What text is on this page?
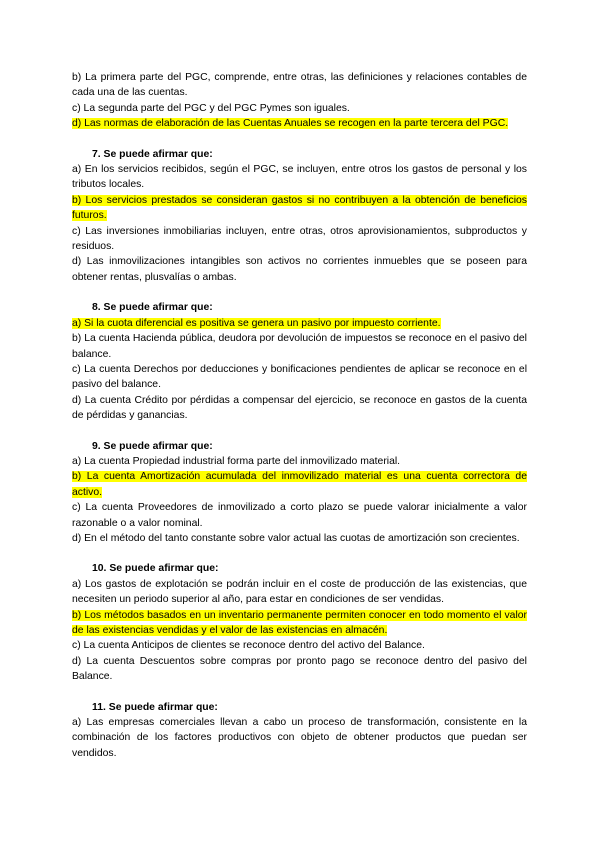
b) La primera parte del PGC, comprende, entre otras, las definiciones y relaciones contables de cada una de las cuentas.

c) La segunda parte del PGC y del PGC Pymes son iguales.

d) Las normas de elaboración de las Cuentas Anuales se recogen en la parte tercera del PGC.

7. Se puede afirmar que:

a) En los servicios recibidos, según el PGC, se incluyen, entre otros los gastos de personal y los tributos locales.

b) Los servicios prestados se consideran gastos si no contribuyen a la obtención de beneficios futuros.

c) Las inversiones inmobiliarias incluyen, entre otras, otros aprovisionamientos, subproductos y residuos.

d) Las inmovilizaciones intangibles son activos no corrientes inmuebles que se poseen para obtener rentas, plusvalías o ambas.

8. Se puede afirmar que:

a) Si la cuota diferencial es positiva se genera un pasivo por impuesto corriente.

b) La cuenta Hacienda pública, deudora por devolución de impuestos se reconoce en el pasivo del balance.

c) La cuenta Derechos por deducciones y bonificaciones pendientes de aplicar se reconoce en el pasivo del balance.

d) La cuenta Crédito por pérdidas a compensar del ejercicio, se reconoce en gastos de la cuenta de pérdidas y ganancias.

9. Se puede afirmar que:

a) La cuenta Propiedad industrial forma parte del inmovilizado material.

b) La cuenta Amortización acumulada del inmovilizado material es una cuenta correctora de activo.

c) La cuenta Proveedores de inmovilizado a corto plazo se puede valorar inicialmente a valor razonable o a valor nominal.

d) En el método del tanto constante sobre valor actual las cuotas de amortización son crecientes.

10. Se puede afirmar que:

a) Los gastos de explotación se podrán incluir en el coste de producción de las existencias, que necesiten un periodo superior al año, para estar en condiciones de ser vendidas.

b) Los métodos basados en un inventario permanente permiten conocer en todo momento el valor de las existencias vendidas y el valor de las existencias en almacén.

c) La cuenta Anticipos de clientes se reconoce dentro del activo del Balance.

d) La cuenta Descuentos sobre compras por pronto pago se reconoce dentro del pasivo del Balance.

11. Se puede afirmar que:

a) Las empresas comerciales llevan a cabo un proceso de transformación, consistente en la combinación de los factores productivos con objeto de obtener productos que puedan ser vendidos.
